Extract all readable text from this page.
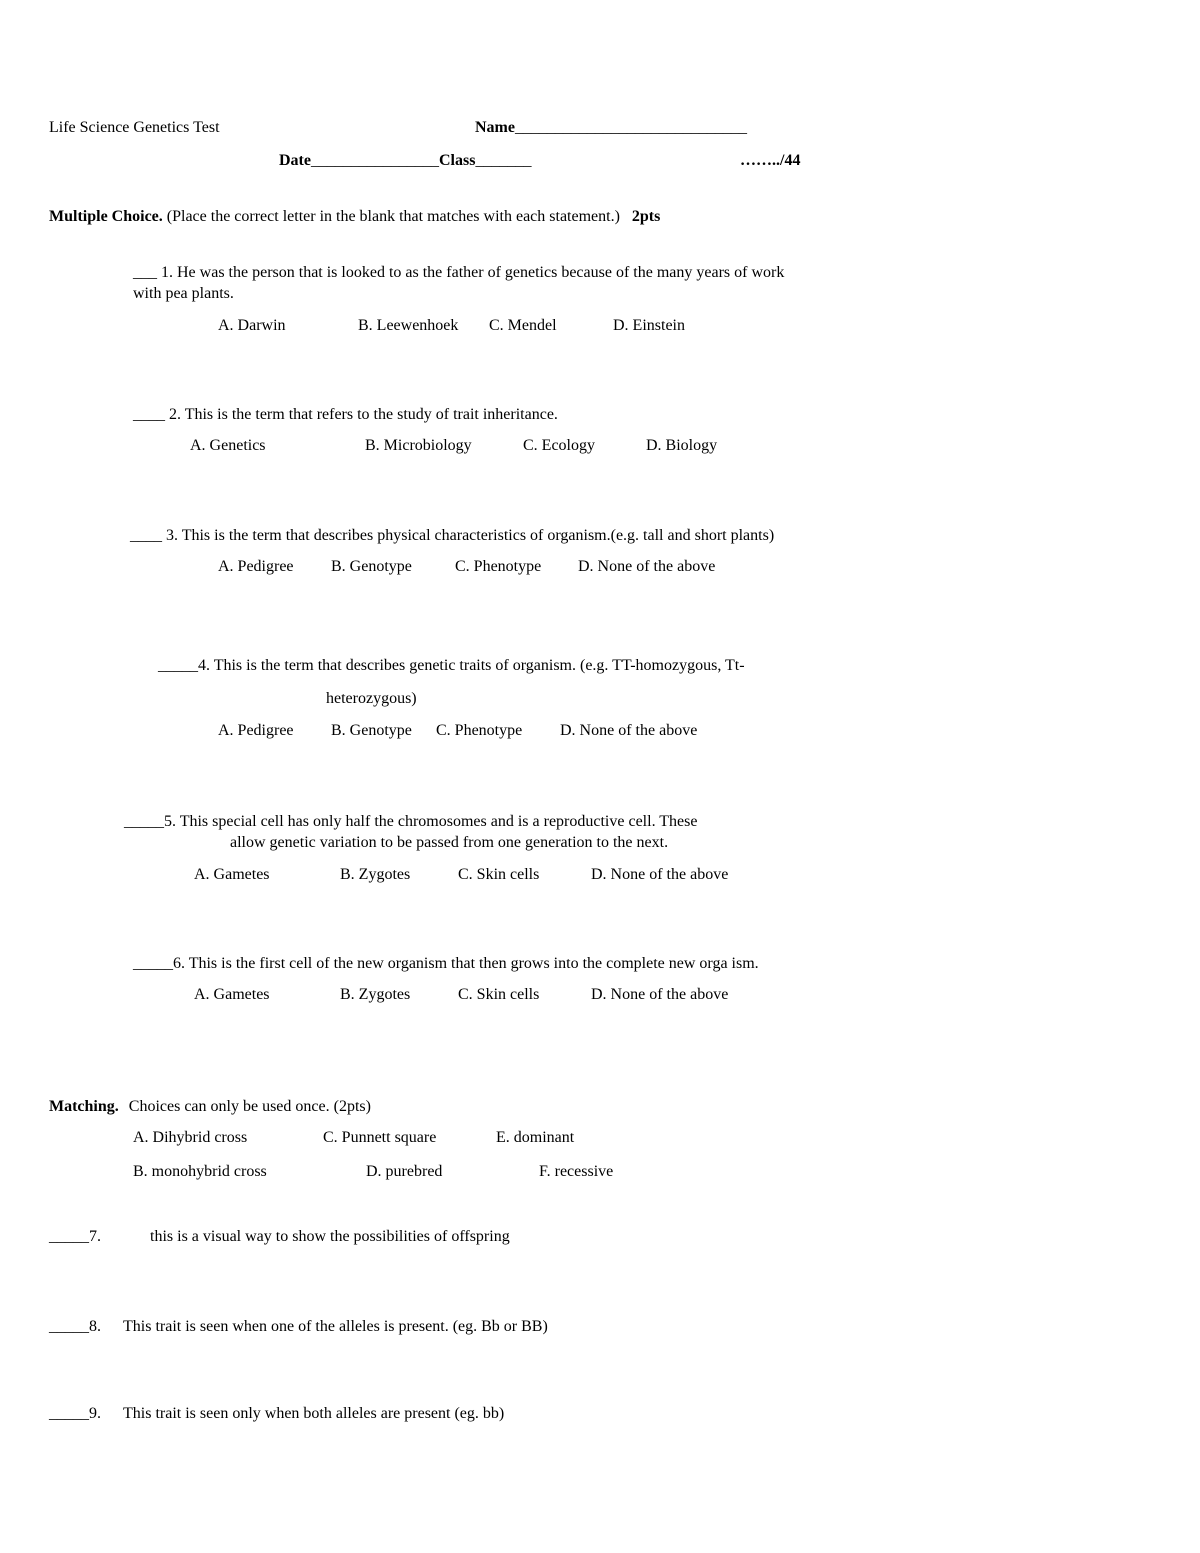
Life Science Genetics Test	Name_____________________________
Date________________Class_______	……../44
Multiple Choice. (Place the correct letter in the blank that matches with each statement.) 2pts
___ 1. He was the person that is looked to as the father of genetics because of the many years of work
with pea plants.
A. Darwin	B. Leewenhoek C. Mendel	D. Einstein
____ 2. This is the term that refers to the study of trait inheritance.
A. Genetics	B. Microbiology	C. Ecology	D. Biology
____ 3. This is the term that describes physical characteristics of organism.(e.g. tall and short plants)
A. Pedigree B. Genotype	C. Phenotype D. None of the above
_____4. This is the term that describes genetic traits of organism. (e.g. TT-homozygous, Tt-
heterozygous)
A. Pedigree B. Genotype C. Phenotype D. None of the above
_____5. This special cell has only half the chromosomes and is a reproductive cell. These
allow genetic variation to be passed from one generation to the next.
A. Gametes	B. Zygotes	C. Skin cells	D. None of the above
_____6. This is the first cell of the new organism that then grows into the complete new orga ism.
A. Gametes	B. Zygotes	C. Skin cells	D. None of the above
Matching. Choices can only be used once. (2pts)
A. Dihybrid cross	C. Punnett square	E. dominant
B. monohybrid cross	D. purebred	F. recessive
_____7.	this is a visual way to show the possibilities of offspring
_____8. This trait is seen when one of the alleles is present. (eg. Bb or BB)
_____9. This trait is seen only when both alleles are present (eg. bb)
